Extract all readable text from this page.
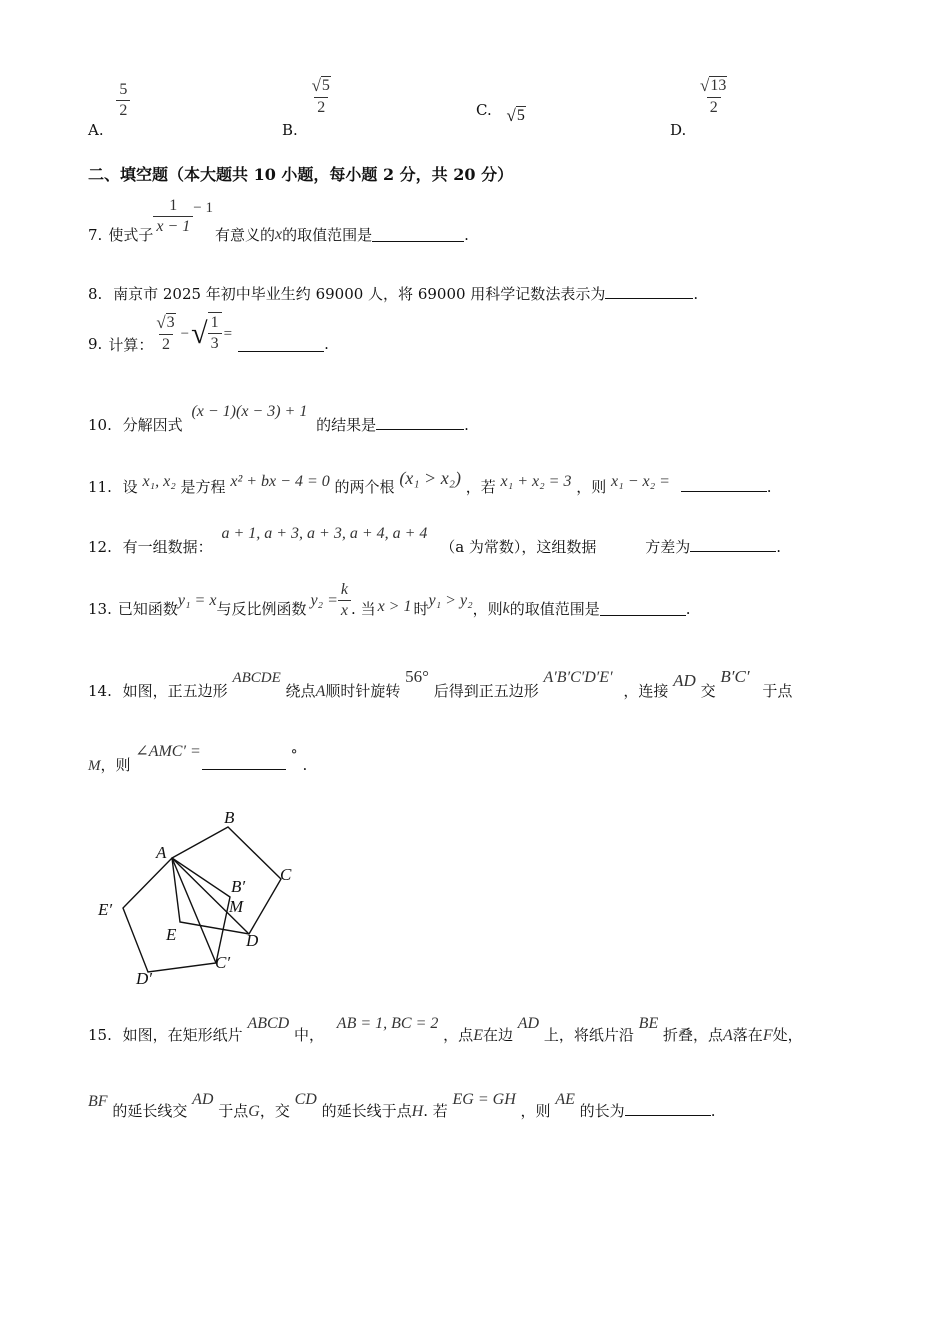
A.
$\frac{5}{2}$
B.
$\frac{√ 5}{2}$	C. √ 5
D.
$\frac{√ 13}{2}$
二、填空题（本大题共 10 小题，每小题 2 分，共 20 分）
7. 使式子 $\frac{1}{x - 1} - 1$
有意义的 x 的取值范围是	.
8. 南京市 2025 年初中毕业生约 69000 人，将 69000 用科学记数法表示为	.
9. 计算： $\frac{√ 3}{2}$ − √ $\frac{1}{3}$ =
.
10. 分解因式 (x − 1)(x − 3) + 1 的结果是	.
11. 设 x₁, x₂ 是方程 x² + bx − 4 = 0 的两个根 (x₁ > x₂) ，若 x₁ + x₂ = 3 ，则 x₁ − x₂ =	.
12. 有一组数据： a + 1, a + 3, a + 3, a + 4, a + 4 （a 为常数），这组数据	方差为	.
13. 已知函数 y₁ = x 与反比例函数 $y_2 = \frac{k}{x}$ . 当 x > 1 时 y₁ > y₂ ，则 k 的取值范围是	.
14. 如图，正五边形 ABCDE 绕点A顺时针旋转 56° 后得到正五边形 A′B′C′D′E′ ，连接 AD 交 B′C′ 于点
M，则 ∠AMC′ =	∘ .
B
A
C
B′
M
E′
E	D
C′
D′
15. 如图，在矩形纸片 ABCD 中， AB = 1, BC = 2 ，点E在边 AD 上，将纸片沿 BE 折叠，点A落在F处，
BF 的延长线交 AD 于点G，交 CD 的延长线于点H. 若 EG = GH ，则 AE 的长为	.
